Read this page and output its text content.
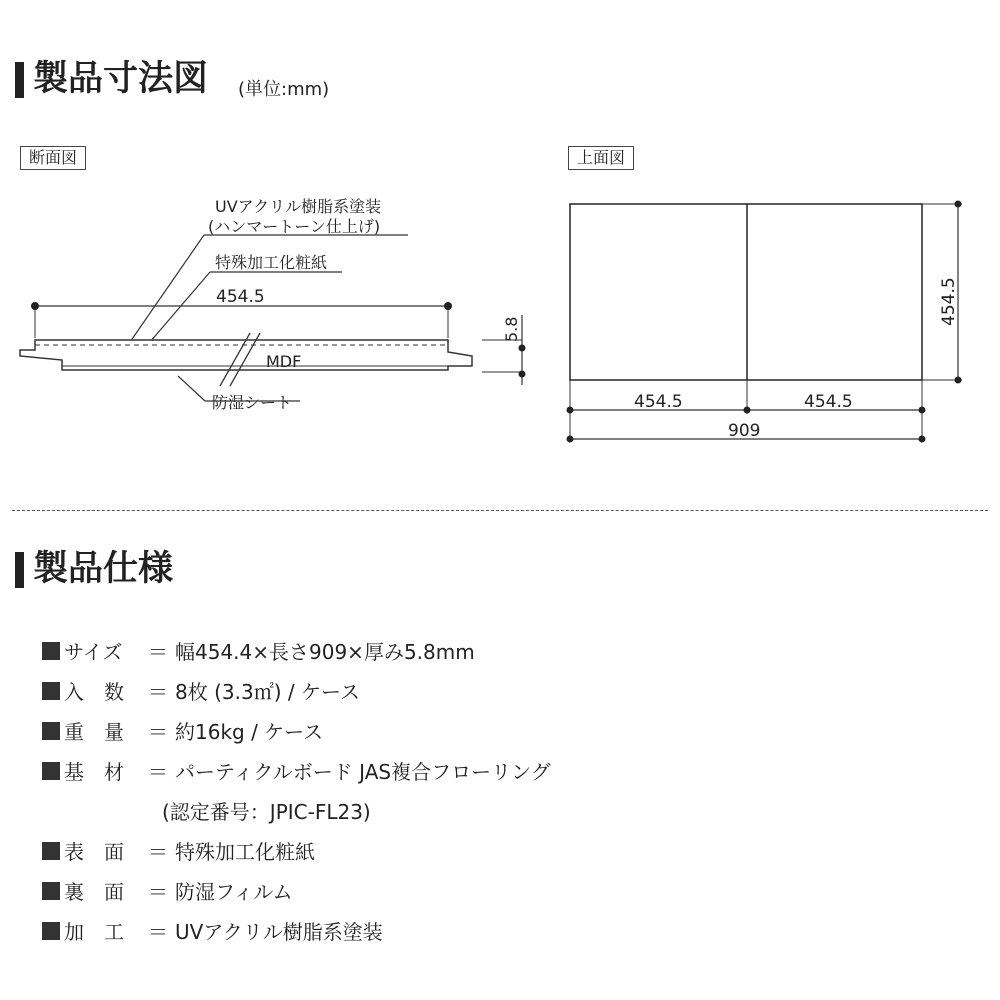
製品寸法図 (単位:mm)
断面図	上面図
UVアクリル樹脂系塗装
(ハンマートーン仕上げ)
特殊加工化粧紙
454.5
5.8
MDF
防湿シート
454.5
454.5	454.5
909
製品仕様
サイズ ＝ 幅454.4×長さ909×厚み5.8mm
入　数 ＝ 8枚 (3.3㎡) / ケース
重　量 ＝ 約16kg / ケース
基　材 ＝ パーティクルボード JAS複合フローリング
(認定番号：JPIC-FL23)
表　面 ＝ 特殊加工化粧紙
裏　面 ＝ 防湿フィルム
加　工 ＝ UVアクリル樹脂系塗装
